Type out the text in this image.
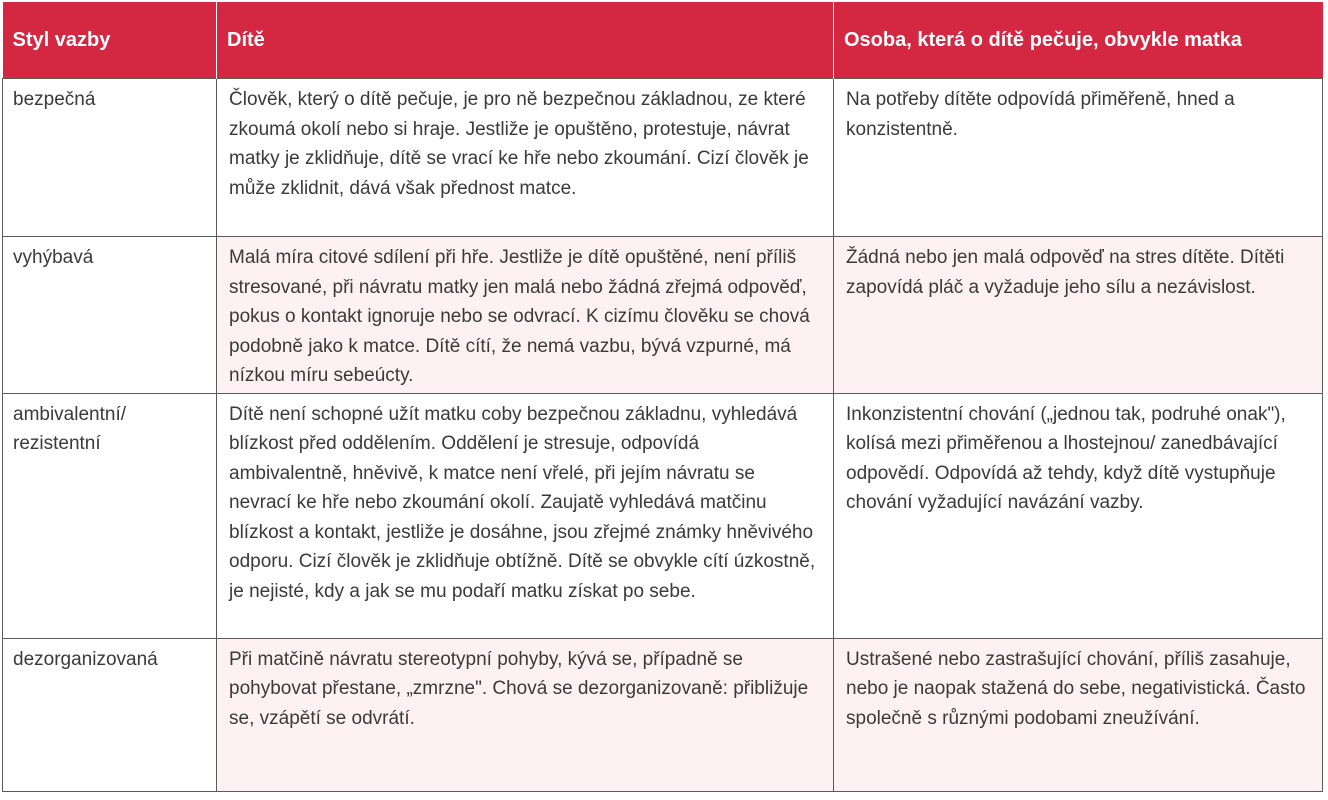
Styl vazby	Dítě	Osoba, která o dítě pečuje, obvykle matka
bezpečná	Člověk, který o dítě pečuje, je pro ně bezpečnou základnou, ze které zkoumá okolí nebo si hraje. Jestliže je opuštěno, protestuje, návrat matky je zklidňuje, dítě se vrací ke hře nebo zkoumání. Cizí člověk je může zklidnit, dává však přednost matce.	Na potřeby dítěte odpovídá přiměřeně, hned a konzistentně.
vyhýbavá	Malá míra citové sdílení při hře. Jestliže je dítě opuštěné, není příliš stresované, při návratu matky jen malá nebo žádná zřejmá odpověď, pokus o kontakt ignoruje nebo se odvrací. K cizímu člověku se chová podobně jako k matce. Dítě cítí, že nemá vazbu, bývá vzpurné, má nízkou míru sebeúcty.	Žádná nebo jen malá odpověď na stres dítěte. Dítěti zapovídá pláč a vyžaduje jeho sílu a nezávislost.
ambivalentní/ rezistentní	Dítě není schopné užít matku coby bezpečnou základnu, vyhledává blízkost před oddělením. Oddělení je stresuje, odpovídá ambivalentně, hněvivě, k matce není vřelé, při jejím návratu se nevrací ke hře nebo zkoumání okolí. Zaujatě vyhledává matčinu blízkost a kontakt, jestliže je dosáhne, jsou zřejmé známky hněvivého odporu. Cizí člověk je zklidňuje obtížně. Dítě se obvykle cítí úzkostně, je nejisté, kdy a jak se mu podaří matku získat po sebe.	Inkonzistentní chování („jednou tak, podruhé onak"), kolísá mezi přiměřenou a lhostejnou/ zanedbávající odpovědí. Odpovídá až tehdy, když dítě vystupňuje chování vyžadující navázání vazby.
dezorganizovaná	Při matčině návratu stereotypní pohyby, kývá se, případně se pohybovat přestane, „zmrzne". Chová se dezorganizovaně: přibližuje se, vzápětí se odvrátí.	Ustrašené nebo zastrašující chování, příliš zasahuje, nebo je naopak stažená do sebe, negativistická. Často společně s různými podobami zneužívání.
